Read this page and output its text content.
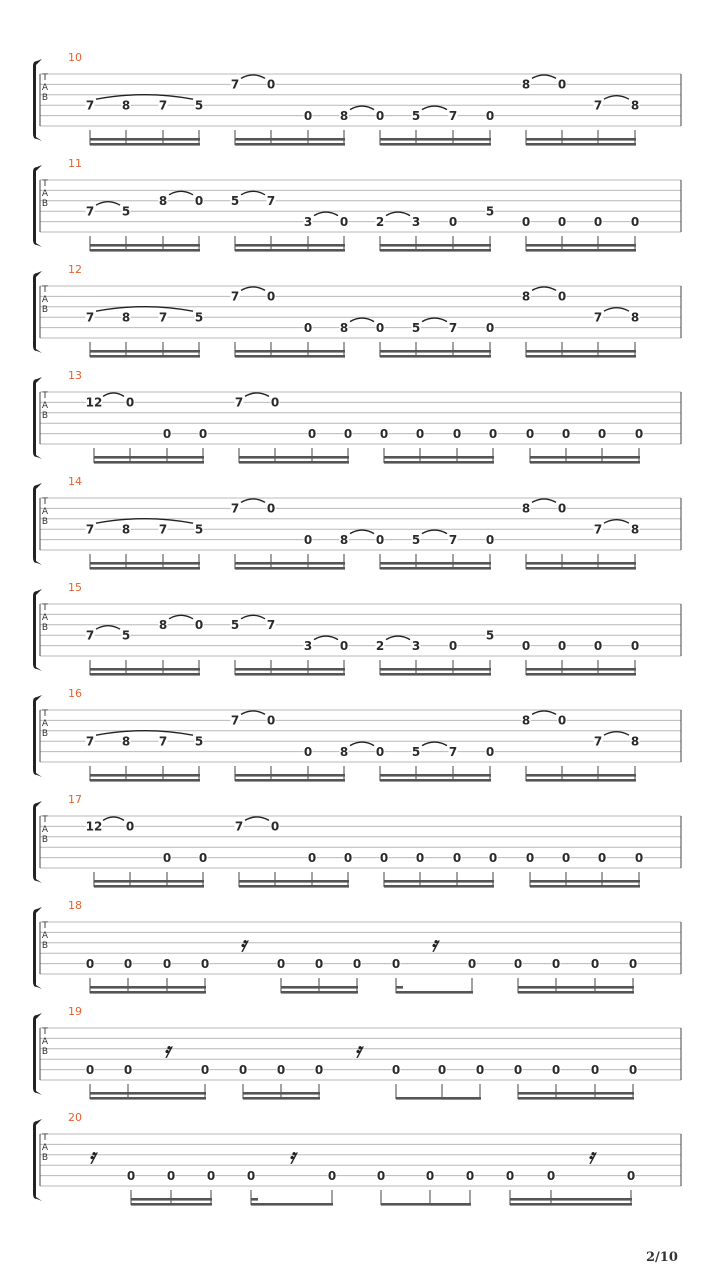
T
A
B
10
7 8 7 5
7 0
0 8 0 5 7 0
8 0
7 8
T
A
B
11
7 5
8 0 5 7
3 0 2 3 0
5
0 0 0 0
T
A
B
12
7 8 7 5
7 0
0 8 0 5 7 0
8 0
7 8
T
A
B
13
12 0
0 0
7 0
0 0 0 0 0 0 0 0 0 0
T
A
B
14
7 8 7 5
7 0
0 8 0 5 7 0
8 0
7 8
T
A
B
15
7 5
8 0 5 7
3 0 2 3 0
5
0 0 0 0
T
A
B
16
7 8 7 5
7 0
0 8 0 5 7 0
8 0
7 8
T
A
B
17
12 0
0 0
7 0
0 0 0 0 0 0 0 0 0 0
T
A
B
18
0 0	0 0
𝄿
0 0 0	0
𝄿
0	0 0	0 0
T
A
B
19
0 0
𝄿
0 0 0 0
𝄿
0	0 0 0 0	0 0
T
A
B
20
𝄿
0	0	0	0
𝄿
0	0	0	0	0	0
𝄿
0
2/10
